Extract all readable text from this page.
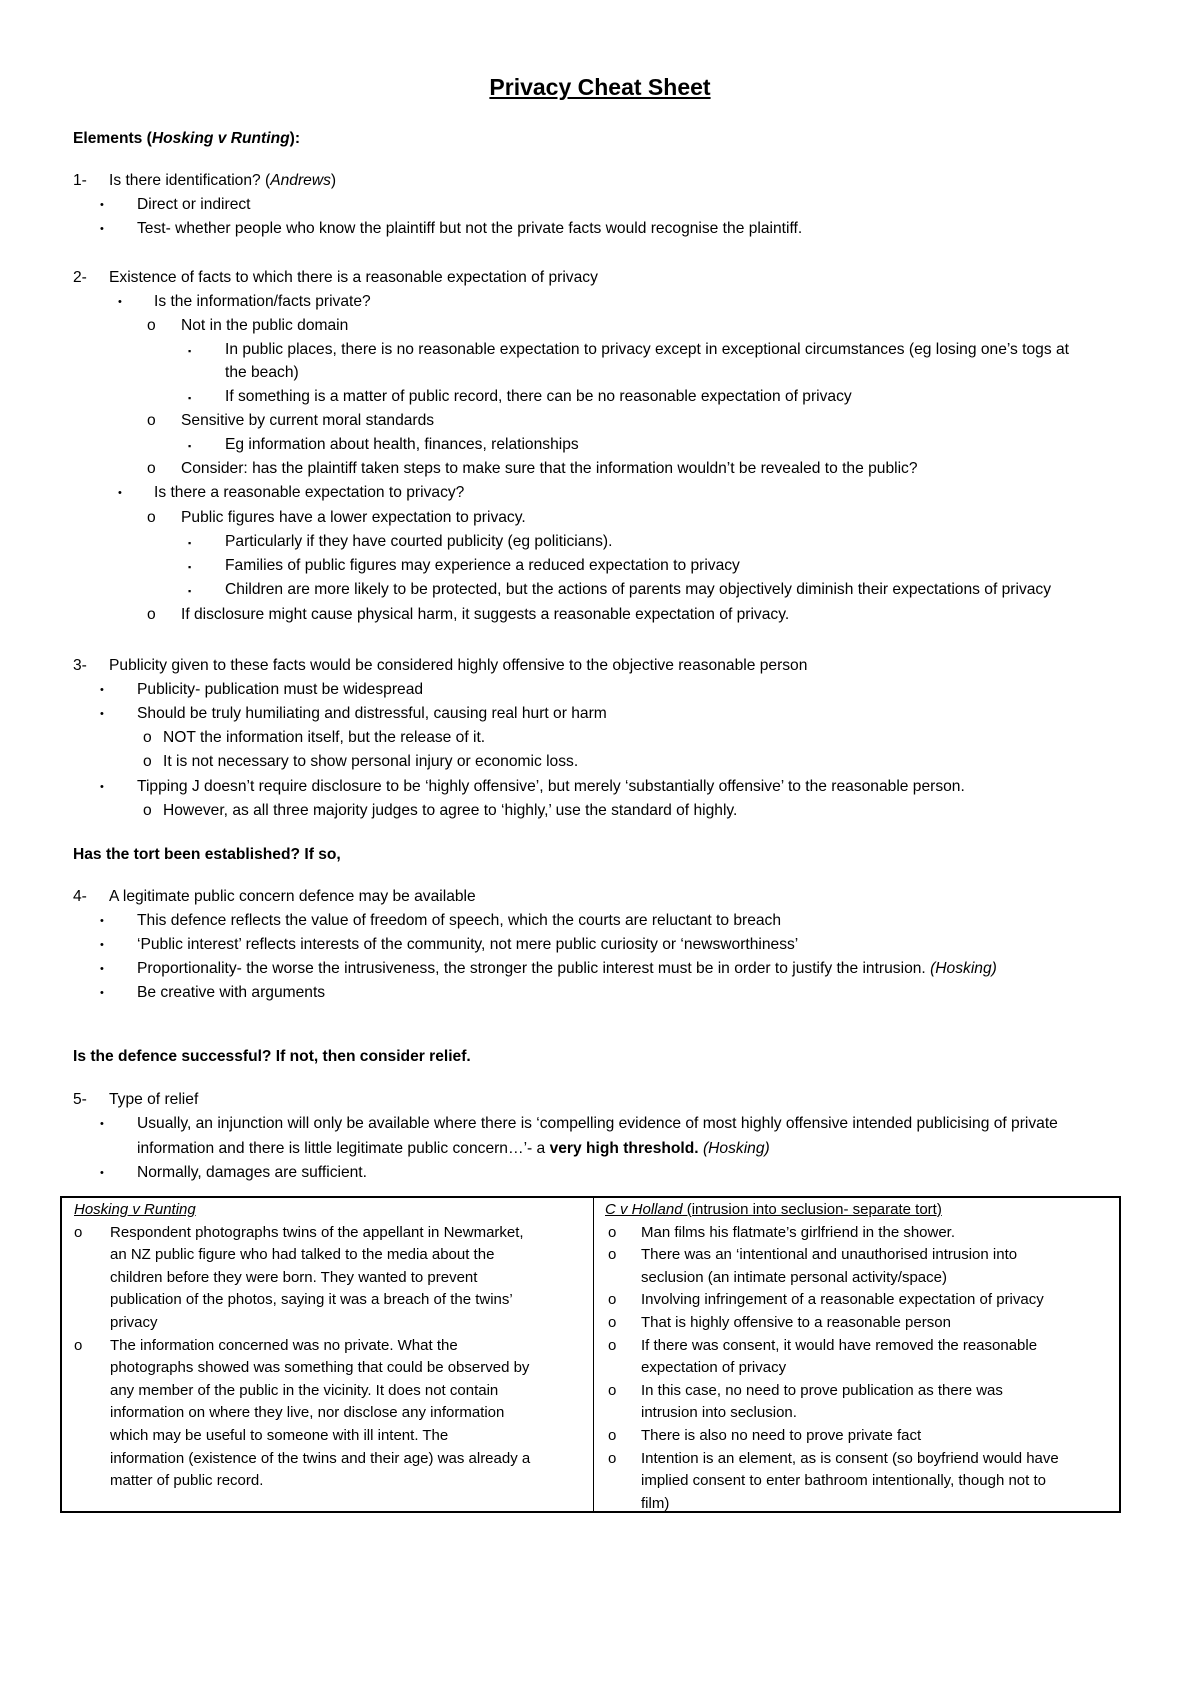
Privacy Cheat Sheet
Elements (Hosking v Runting):
1- Is there identification? (Andrews)
• Direct or indirect
• Test- whether people who know the plaintiff but not the private facts would recognise the plaintiff.
2- Existence of facts to which there is a reasonable expectation of privacy
• Is the information/facts private?
o Not in the public domain
▪ In public places, there is no reasonable expectation to privacy except in exceptional circumstances (eg losing one’s togs at
the beach)
▪ If something is a matter of public record, there can be no reasonable expectation of privacy
o Sensitive by current moral standards
▪ Eg information about health, finances, relationships
o Consider: has the plaintiff taken steps to make sure that the information wouldn’t be revealed to the public?
• Is there a reasonable expectation to privacy?
o Public figures have a lower expectation to privacy.
▪ Particularly if they have courted publicity (eg politicians).
▪ Families of public figures may experience a reduced expectation to privacy
▪ Children are more likely to be protected, but the actions of parents may objectively diminish their expectations of privacy
o If disclosure might cause physical harm, it suggests a reasonable expectation of privacy.
3- Publicity given to these facts would be considered highly offensive to the objective reasonable person
• Publicity- publication must be widespread
• Should be truly humiliating and distressful, causing real hurt or harm
o NOT the information itself, but the release of it.
o It is not necessary to show personal injury or economic loss.
• Tipping J doesn’t require disclosure to be ‘highly offensive’, but merely ‘substantially offensive’ to the reasonable person.
o However, as all three majority judges to agree to ‘highly,’ use the standard of highly.
Has the tort been established? If so,
4- A legitimate public concern defence may be available
• This defence reflects the value of freedom of speech, which the courts are reluctant to breach
• ‘Public interest’ reflects interests of the community, not mere public curiosity or ‘newsworthiness’
• Proportionality- the worse the intrusiveness, the stronger the public interest must be in order to justify the intrusion. (Hosking)
• Be creative with arguments
Is the defence successful? If not, then consider relief.
5- Type of relief
• Usually, an injunction will only be available where there is ‘compelling evidence of most highly offensive intended publicising of private
information and there is little legitimate public concern…’- a very high threshold. (Hosking)
• Normally, damages are sufficient.
Hosking v Runting
o Respondent photographs twins of the appellant in Newmarket,
an NZ public figure who had talked to the media about the
children before they were born. They wanted to prevent
publication of the photos, saying it was a breach of the twins’
privacy
o The information concerned was no private. What the
photographs showed was something that could be observed by
any member of the public in the vicinity. It does not contain
information on where they live, nor disclose any information
which may be useful to someone with ill intent. The
information (existence of the twins and their age) was already a
matter of public record.
C v Holland (intrusion into seclusion- separate tort)
o Man films his flatmate’s girlfriend in the shower.
o There was an ‘intentional and unauthorised intrusion into
seclusion (an intimate personal activity/space)
o Involving infringement of a reasonable expectation of privacy
o That is highly offensive to a reasonable person
o If there was consent, it would have removed the reasonable
expectation of privacy
o In this case, no need to prove publication as there was
intrusion into seclusion.
o There is also no need to prove private fact
o Intention is an element, as is consent (so boyfriend would have
implied consent to enter bathroom intentionally, though not to
film)
